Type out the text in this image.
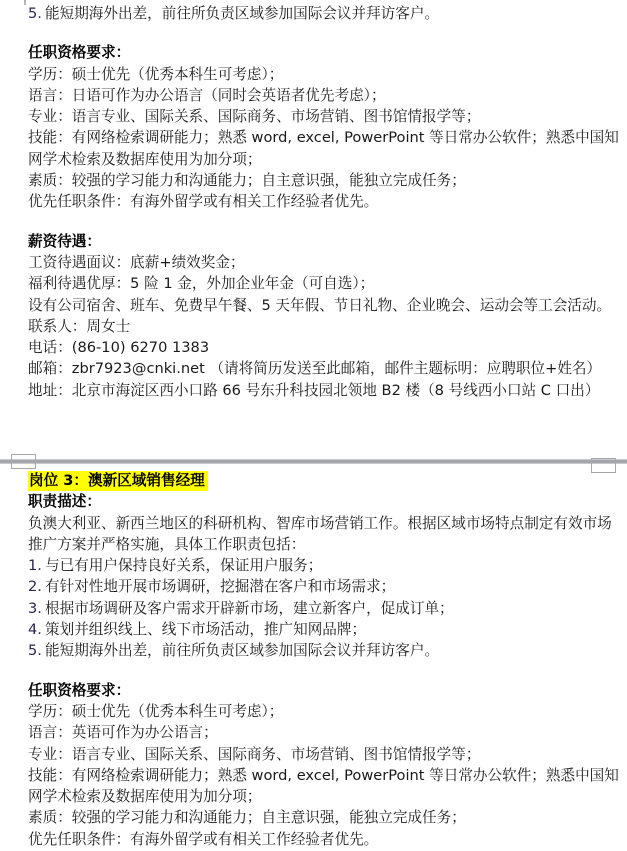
5. 能短期海外出差，前往所负责区域参加国际会议并拜访客户。
任职资格要求：
学历：硕士优先（优秀本科生可考虑）；
语言：日语可作为办公语言（同时会英语者优先考虑）；
专业：语言专业、国际关系、国际商务、市场营销、图书馆情报学等；
技能：有网络检索调研能力；熟悉 word, excel, PowerPoint 等日常办公软件；熟悉中国知网学术检索及数据库使用为加分项；
素质：较强的学习能力和沟通能力；自主意识强，能独立完成任务；
优先任职条件：有海外留学或有相关工作经验者优先。
薪资待遇：
工资待遇面议：底薪+绩效奖金；
福利待遇优厚：5 险 1 金，外加企业年金（可自选）；
设有公司宿舍、班车、免费早午餐、5 天年假、节日礼物、企业晚会、运动会等工会活动。
联系人：周女士
电话：(86-10) 6270 1383
邮箱：zbr7923@cnki.net （请将简历发送至此邮箱，邮件主题标明：应聘职位+姓名）
地址：北京市海淀区西小口路 66 号东升科技园北领地 B2 楼（8 号线西小口站 C 口出）
岗位 3：澳新区域销售经理
职责描述：
负澳大利亚、新西兰地区的科研机构、智库市场营销工作。根据区域市场特点制定有效市场推广方案并严格实施，具体工作职责包括：
1. 与已有用户保持良好关系，保证用户服务；
2. 有针对性地开展市场调研，挖掘潜在客户和市场需求；
3. 根据市场调研及客户需求开辟新市场，建立新客户，促成订单；
4. 策划并组织线上、线下市场活动，推广知网品牌；
5. 能短期海外出差，前往所负责区域参加国际会议并拜访客户。
任职资格要求：
学历：硕士优先（优秀本科生可考虑）；
语言：英语可作为办公语言；
专业：语言专业、国际关系、国际商务、市场营销、图书馆情报学等；
技能：有网络检索调研能力；熟悉 word, excel, PowerPoint 等日常办公软件；熟悉中国知网学术检索及数据库使用为加分项；
素质：较强的学习能力和沟通能力；自主意识强，能独立完成任务；
优先任职条件：有海外留学或有相关工作经验者优先。
